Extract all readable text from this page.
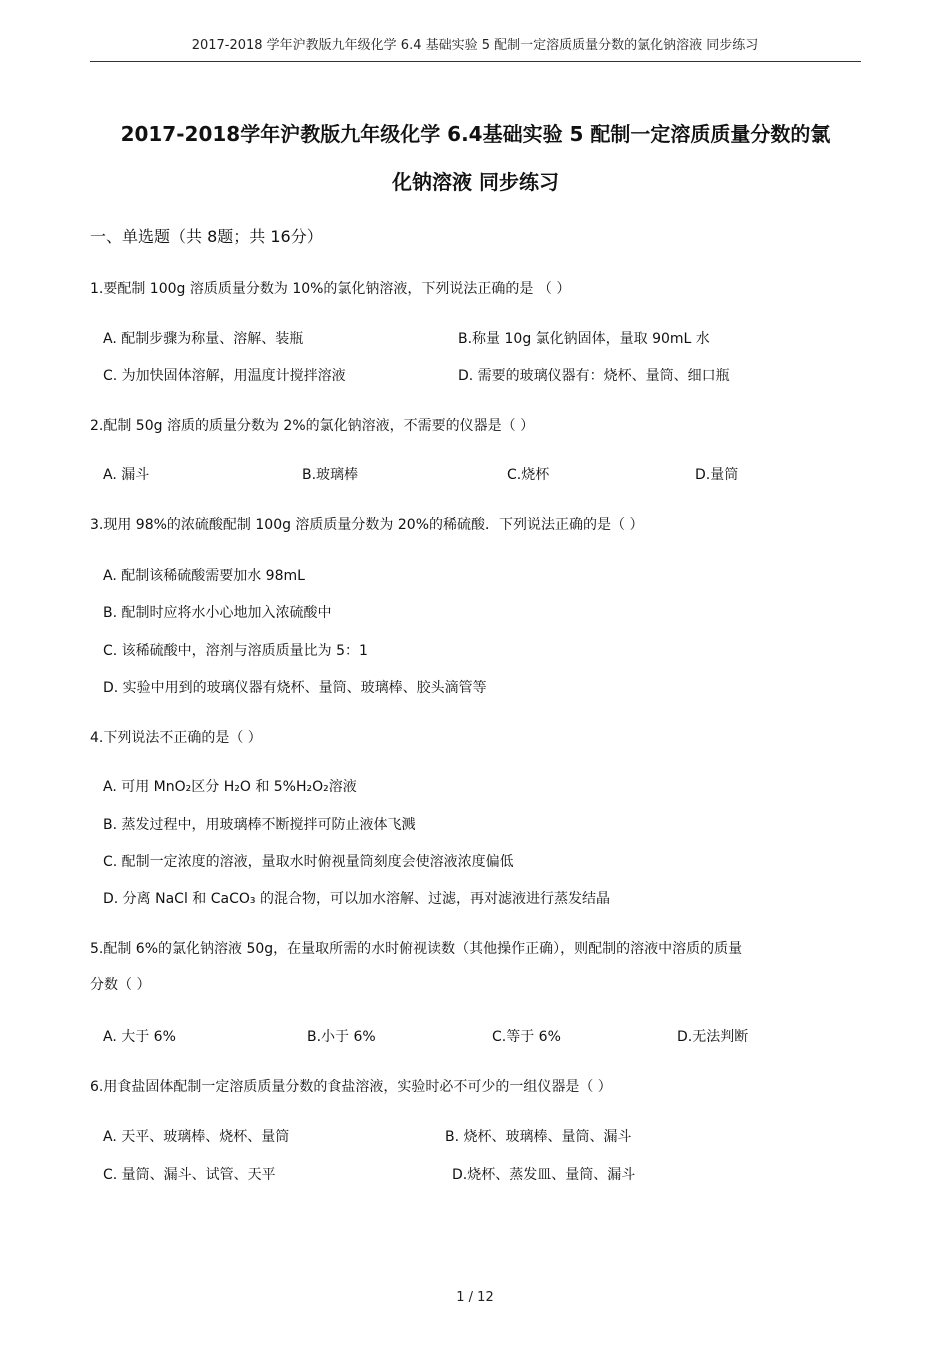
2017-2018 学年沪教版九年级化学 6.4 基础实验 5 配制一定溶质质量分数的氯化钠溶液 同步练习
2017-2018学年沪教版九年级化学 6.4基础实验 5 配制一定溶质质量分数的氯
化钠溶液 同步练习
一、单选题（共 8题；共 16分）
1.要配制 100g 溶质质量分数为 10%的氯化钠溶液，下列说法正确的是 （ ）
A. 配制步骤为称量、溶解、装瓶	B.称量 10g 氯化钠固体，量取 90mL 水
C. 为加快固体溶解，用温度计搅拌溶液	D. 需要的玻璃仪器有：烧杯、量筒、细口瓶
2.配制 50g 溶质的质量分数为 2%的氯化钠溶液，不需要的仪器是（ ）
A. 漏斗	B.玻璃棒	C.烧杯	D.量筒
3.现用 98%的浓硫酸配制 100g 溶质质量分数为 20%的稀硫酸．下列说法正确的是（ ）
A. 配制该稀硫酸需要加水 98mL
B. 配制时应将水小心地加入浓硫酸中
C. 该稀硫酸中，溶剂与溶质质量比为 5：1
D. 实验中用到的玻璃仪器有烧杯、量筒、玻璃棒、胶头滴管等
4.下列说法不正确的是（ ）
A. 可用 MnO₂区分 H₂O 和 5%H₂O₂溶液
B. 蒸发过程中，用玻璃棒不断搅拌可防止液体飞溅
C. 配制一定浓度的溶液，量取水时俯视量筒刻度会使溶液浓度偏低
D. 分离 NaCl 和 CaCO₃ 的混合物，可以加水溶解、过滤，再对滤液进行蒸发结晶
5.配制 6%的氯化钠溶液 50g，在量取所需的水时俯视读数（其他操作正确），则配制的溶液中溶质的质量
分数（ ）
A. 大于 6%	B.小于 6%	C.等于 6%	D.无法判断
6.用食盐固体配制一定溶质质量分数的食盐溶液，实验时必不可少的一组仪器是（ ）
A. 天平、玻璃棒、烧杯、量筒	B. 烧杯、玻璃棒、量筒、漏斗
C. 量筒、漏斗、试管、天平	D.烧杯、蒸发皿、量筒、漏斗
1 / 12
